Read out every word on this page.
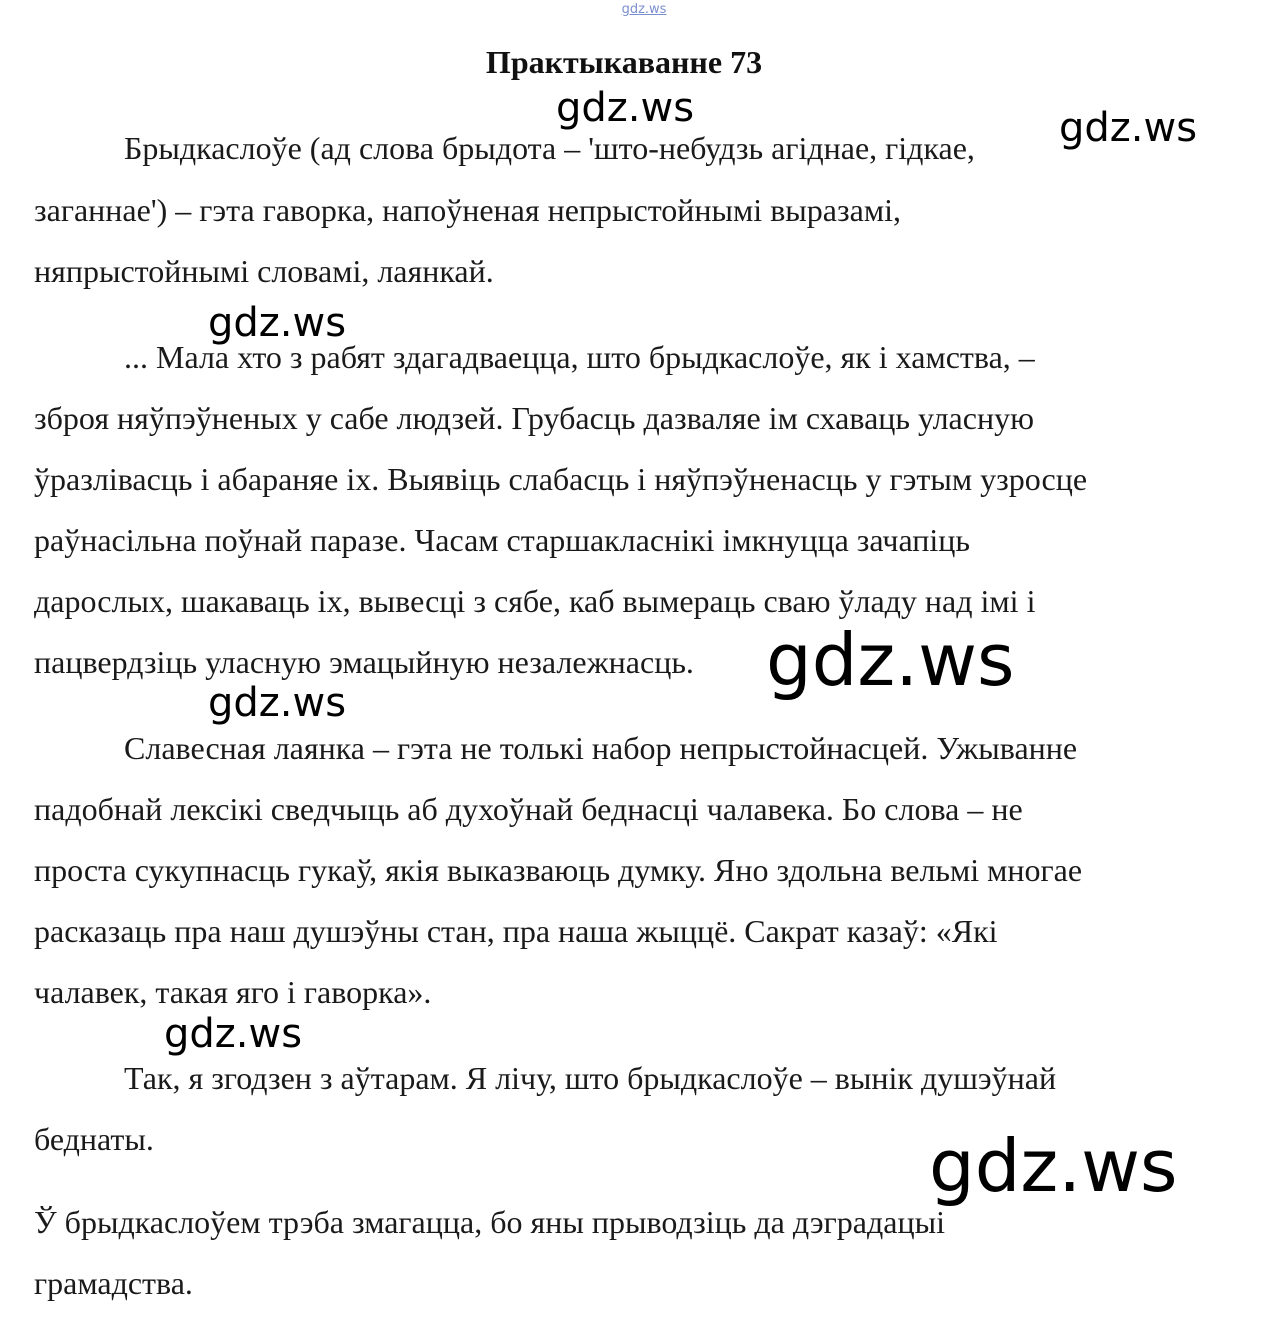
gdz.ws
Практыкаванне 73
Брыдкаслоўе (ад слова брыдота – 'што-небудзь агіднае, гідкае,
заганнае') – гэта гаворка, напоўненая непрыстойнымі выразамі,
няпрыстойнымі словамі, лаянкай.
... Мала хто з рабят здагадваецца, што брыдкаслоўе, як і хамства, –
зброя няўпэўненых у сабе людзей. Грубасць дазваляе ім схаваць уласную
ўразлівасць і абараняе іх. Выявіць слабасць і няўпэўненасць у гэтым узросце
раўнасільна поўнай паразе. Часам старшакласнікі імкнуцца зачапіць
дарослых, шакаваць іх, вывесці з сябе, каб вымераць сваю ўладу над імі і
пацвердзіць уласную эмацыйную незалежнасць.
Славесная лаянка – гэта не толькі набор непрыстойнасцей. Ужыванне
падобнай лексікі сведчыць аб духоўнай беднасці чалавека. Бо слова – не
проста сукупнасць гукаў, якія выказваюць думку. Яно здольна вельмі многае
расказаць пра наш душэўны стан, пра наша жыццё. Сакрат казаў: «Які
чалавек, такая яго і гаворка».
Так, я згодзен з аўтарам. Я лічу, што брыдкаслоўе – вынік душэўнай
беднаты.
Ў брыдкаслоўем трэба змагацца, бо яны прыводзіць да дэградацыі
грамадства.
gdz.ws	gdz.ws
gdz.ws
gdz.ws
gdz.ws
gdz.ws
gdz.ws
